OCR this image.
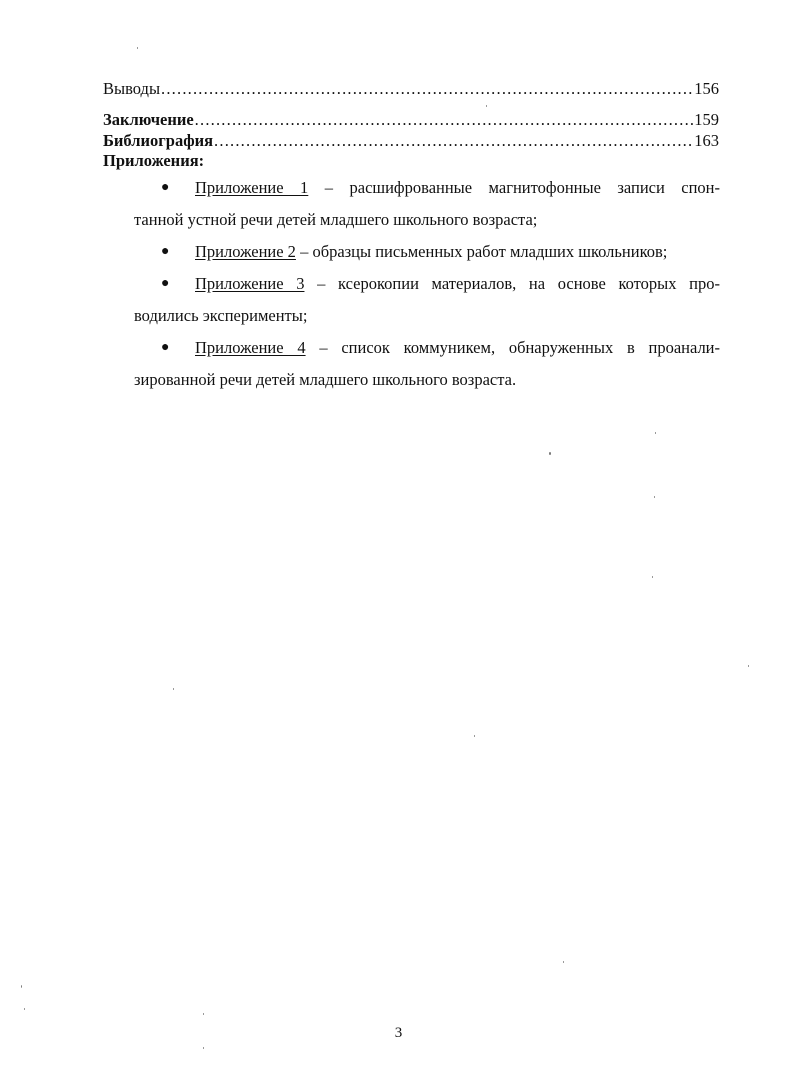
Выводы .....	156
Заключение .....	159
Библиография .....	163
Приложения:
●	Приложение 1 – расшифрованные магнитофонные записи спон-
танной устной речи детей младшего школьного возраста;
●	Приложение 2 – образцы письменных работ младших школьников;
●	Приложение 3 – ксерокопии материалов, на основе которых про-
водились эксперименты;
●	Приложение 4 – список коммуникем, обнаруженных в проанали-
зированной речи детей младшего школьного возраста.
3
